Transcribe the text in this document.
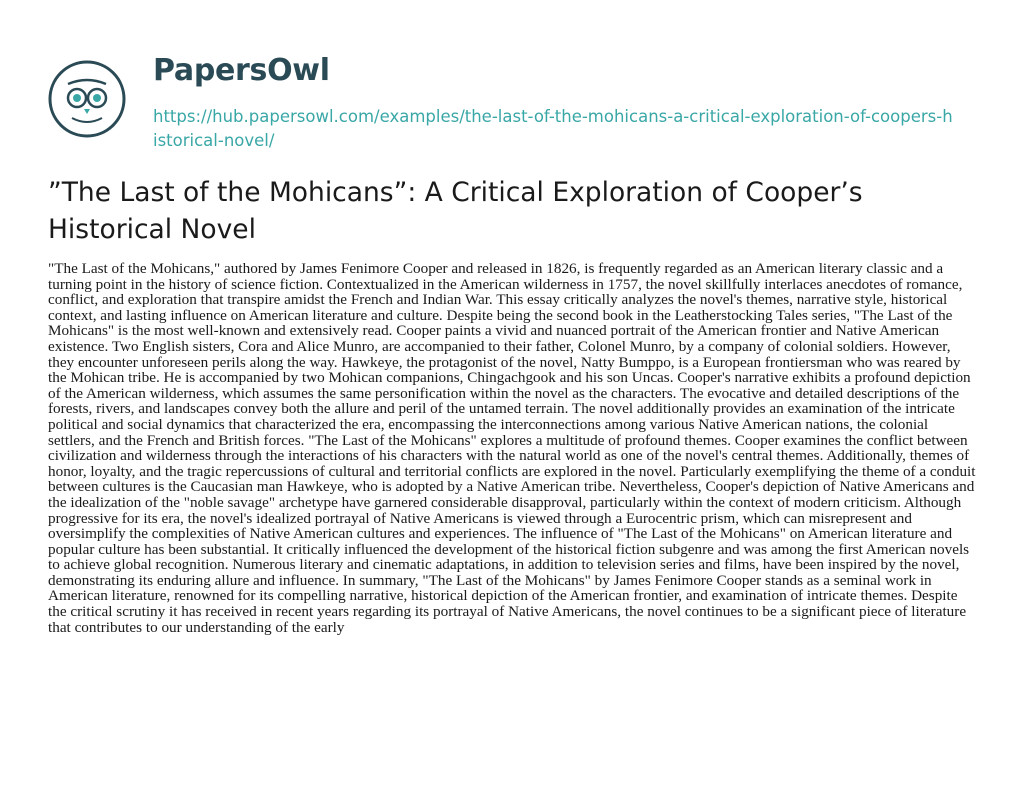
PapersOwl
https://hub.papersowl.com/examples/the-last-of-the-mohicans-a-critical-exploration-of-coopers-historical-novel/
”The Last of the Mohicans”: A Critical Exploration of Cooper’s Historical Novel

"The Last of the Mohicans," authored by James Fenimore Cooper and released in 1826, is frequently regarded as an American literary classic and a turning point in the history of science fiction. Contextualized in the American wilderness in 1757, the novel skillfully interlaces anecdotes of romance, conflict, and exploration that transpire amidst the French and Indian War. This essay critically analyzes the novel's themes, narrative style, historical context, and lasting influence on American literature and culture. Despite being the second book in the Leatherstocking Tales series, "The Last of the Mohicans" is the most well-known and extensively read. Cooper paints a vivid and nuanced portrait of the American frontier and Native American existence. Two English sisters, Cora and Alice Munro, are accompanied to their father, Colonel Munro, by a company of colonial soldiers. However, they encounter unforeseen perils along the way. Hawkeye, the protagonist of the novel, Natty Bumppo, is a European frontiersman who was reared by the Mohican tribe. He is accompanied by two Mohican companions, Chingachgook and his son Uncas. Cooper's narrative exhibits a profound depiction of the American wilderness, which assumes the same personification within the novel as the characters. The evocative and detailed descriptions of the forests, rivers, and landscapes convey both the allure and peril of the untamed terrain. The novel additionally provides an examination of the intricate political and social dynamics that characterized the era, encompassing the interconnections among various Native American nations, the colonial settlers, and the French and British forces. "The Last of the Mohicans" explores a multitude of profound themes. Cooper examines the conflict between civilization and wilderness through the interactions of his characters with the natural world as one of the novel's central themes. Additionally, themes of honor, loyalty, and the tragic repercussions of cultural and territorial conflicts are explored in the novel. Particularly exemplifying the theme of a conduit between cultures is the Caucasian man Hawkeye, who is adopted by a Native American tribe. Nevertheless, Cooper's depiction of Native Americans and the idealization of the "noble savage" archetype have garnered considerable disapproval, particularly within the context of modern criticism. Although progressive for its era, the novel's idealized portrayal of Native Americans is viewed through a Eurocentric prism, which can misrepresent and oversimplify the complexities of Native American cultures and experiences. The influence of "The Last of the Mohicans" on American literature and popular culture has been substantial. It critically influenced the development of the historical fiction subgenre and was among the first American novels to achieve global recognition. Numerous literary and cinematic adaptations, in addition to television series and films, have been inspired by the novel, demonstrating its enduring allure and influence. In summary, "The Last of the Mohicans" by James Fenimore Cooper stands as a seminal work in American literature, renowned for its compelling narrative, historical depiction of the American frontier, and examination of intricate themes. Despite the critical scrutiny it has received in recent years regarding its portrayal of Native Americans, the novel continues to be a significant piece of literature that contributes to our understanding of the early
